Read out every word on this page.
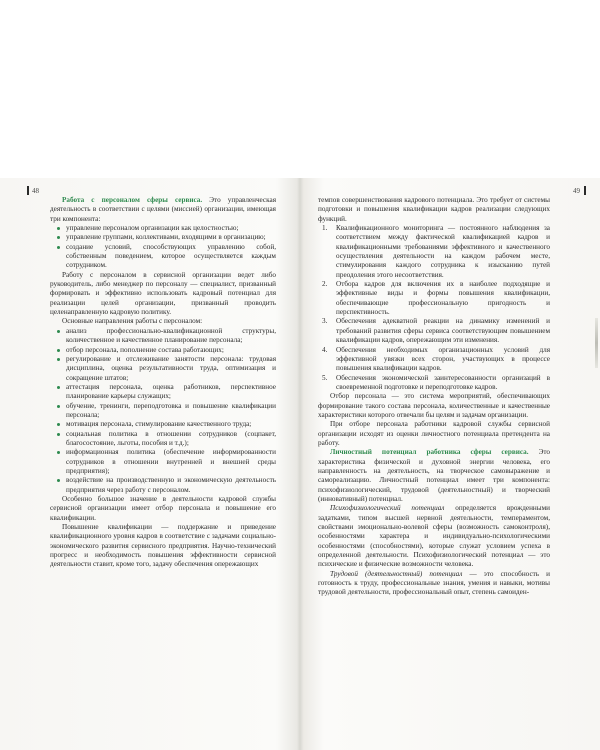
48

Работа с персоналом сферы сервиса. Это управленческая деятельность в соответствии с целями (миссией) организации, имеющая три компонента:

управление персоналом организации как целостностью;
управление группами, коллективами, входящими в организацию;
создание условий, способствующих управлению собой, собственным поведением, которое осуществляется каждым сотрудником.

Работу с персоналом в сервисной организации ведет либо руководитель, либо менеджер по персоналу — специалист, призванный формировать и эффективно использовать кадровый потенциал для реализации целей организации, призванный проводить целенаправленную кадровую политику.

Основные направления работы с персоналом:

анализ профессионально-квалификационной структуры, количественное и качественное планирование персонала;
отбор персонала, пополнение состава работающих;
регулирование и отслеживание занятости персонала: трудовая дисциплина, оценка результативности труда, оптимизация и сокращение штатов;
аттестация персонала, оценка работников, перспективное планирование карьеры служащих;
обучение, тренинги, переподготовка и повышение квалификации персонала;
мотивация персонала, стимулирование качественного труда;
социальная политика в отношении сотрудников (соцпакет, благосостояние, льготы, пособия и т.д.);
информационная политика (обеспечение информированности сотрудников в отношении внутренней и внешней среды предприятия);
воздействие на производственную и экономическую деятельность предприятия через работу с персоналом.

Особенно большое значение в деятельности кадровой службы сервисной организации имеет отбор персонала и повышение его квалификации.

Повышение квалификации — поддержание и приведение квалификационного уровня кадров в соответствие с задачами социально-экономического развития сервисного предприятия. Научно-технический прогресс и необходимость повышения эффективности сервисной деятельности ставит, кроме того, задачу обеспечения опережающих

49

темпов совершенствования кадрового потенциала. Это требует от системы подготовки и повышения квалификации кадров реализации следующих функций.

1. Квалификационного мониторинга — постоянного наблюдения за соответствием между фактической квалификацией кадров и квалификационными требованиями эффективного и качественного осуществления деятельности на каждом рабочем месте, стимулирования каждого сотрудника к изысканию путей преодоления этого несоответствия.
2. Отбора кадров для включения их в наиболее подходящие и эффективные виды и формы повышения квалификации, обеспечивающие профессиональную пригодность и перспективность.
3. Обеспечения адекватной реакции на динамику изменений и требований развития сферы сервиса соответствующим повышением квалификации кадров, опережающим эти изменения.
4. Обеспечения необходимых организационных условий для эффективной увязки всех сторон, участвующих в процессе повышения квалификации кадров.
5. Обеспечения экономической заинтересованности организаций в своевременной подготовке и переподготовке кадров.

Отбор персонала — это система мероприятий, обеспечивающих формирование такого состава персонала, количественные и качественные характеристики которого отвечали бы целям и задачам организации.

При отборе персонала работники кадровой службы сервисной организации исходят из оценки личностного потенциала претендента на работу.

Личностный потенциал работника сферы сервиса. Это характеристика физической и духовной энергии человека, его направленность на деятельность, на творческое самовыражение и самореализацию. Личностный потенциал имеет три компонента: психофизиологический, трудовой (деятельностный) и творческий (инновативный) потенциал.

Психофизиологический потенциал определяется врожденными задатками, типом высшей нервной деятельности, темпераментом, свойствами эмоционально-волевой сферы (возможность самоконтроля), особенностями характера и индивидуально-психологическими особенностями (способностями), которые служат условием успеха в определенной деятельности. Психофизиологический потенциал — это психические и физические возможности человека.

Трудовой (деятельностный) потенциал — это способность и готовность к труду, профессиональные знания, умения и навыки, мотивы трудовой деятельности, профессиональный опыт, степень самоиден-
